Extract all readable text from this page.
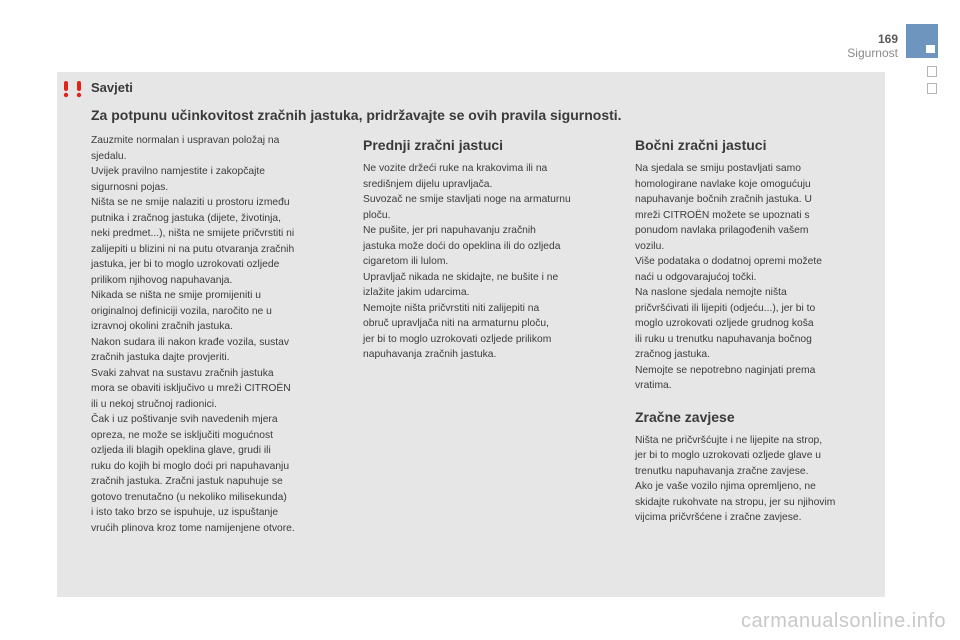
169
Sigurnost
Savjeti
Za potpunu učinkovitost zračnih jastuka, pridržavajte se ovih pravila sigurnosti.

Zauzmite normalan i uspravan položaj na

sjedalu.

Uvijek pravilno namjestite i zakopčajte

sigurnosni pojas.

Ništa se ne smije nalaziti u prostoru između

putnika i zračnog jastuka (dijete, životinja,

neki predmet...), ništa ne smijete pričvrstiti ni

zalijepiti u blizini ni na putu otvaranja zračnih

jastuka, jer bi to moglo uzrokovati ozljede

prilikom njihovog napuhavanja.

Nikada se ništa ne smije promijeniti u

originalnoj definiciji vozila, naročito ne u

izravnoj okolini zračnih jastuka.

Nakon sudara ili nakon krađe vozila, sustav

zračnih jastuka dajte provjeriti.

Svaki zahvat na sustavu zračnih jastuka

mora se obaviti isključivo u mreži CITROËN

ili u nekoj stručnoj radionici.

Čak i uz poštivanje svih navedenih mjera

opreza, ne može se isključiti mogućnost

ozljeda ili blagih opeklina glave, grudi ili

ruku do kojih bi moglo doći pri napuhavanju

zračnih jastuka. Zračni jastuk napuhuje se

gotovo trenutačno (u nekoliko milisekunda)

i isto tako brzo se ispuhuje, uz ispuštanje

vrućih plinova kroz tome namijenjene otvore.

Prednji zračni jastuci

Ne vozite držeći ruke na krakovima ili na

središnjem dijelu upravljača.

Suvozač ne smije stavljati noge na armaturnu

ploču.

Ne pušite, jer pri napuhavanju zračnih

jastuka može doći do opeklina ili do ozljeda

cigaretom ili lulom.

Upravljač nikada ne skidajte, ne bušite i ne

izlažite jakim udarcima.

Nemojte ništa pričvrstiti niti zalijepiti na

obruč upravljača niti na armaturnu ploču,

jer bi to moglo uzrokovati ozljede prilikom

napuhavanja zračnih jastuka.

Bočni zračni jastuci

Na sjedala se smiju postavljati samo

homologirane navlake koje omogućuju

napuhavanje bočnih zračnih jastuka. U

mreži CITROËN možete se upoznati s

ponudom navlaka prilagođenih vašem

vozilu.

Više podataka o dodatnoj opremi možete

naći u odgovarajućoj točki.

Na naslone sjedala nemojte ništa

pričvršćivati ili lijepiti (odjeću...), jer bi to

moglo uzrokovati ozljede grudnog koša

ili ruku u trenutku napuhavanja bočnog

zračnog jastuka.

Nemojte se nepotrebno naginjati prema

vratima.

Zračne zavjese

Ništa ne pričvršćujte i ne lijepite na strop,

jer bi to moglo uzrokovati ozljede glave u

trenutku napuhavanja zračne zavjese.

Ako je vaše vozilo njima opremljeno, ne

skidajte rukohvate na stropu, jer su njihovim

vijcima pričvršćene i zračne zavjese.

carmanualsonline.info
